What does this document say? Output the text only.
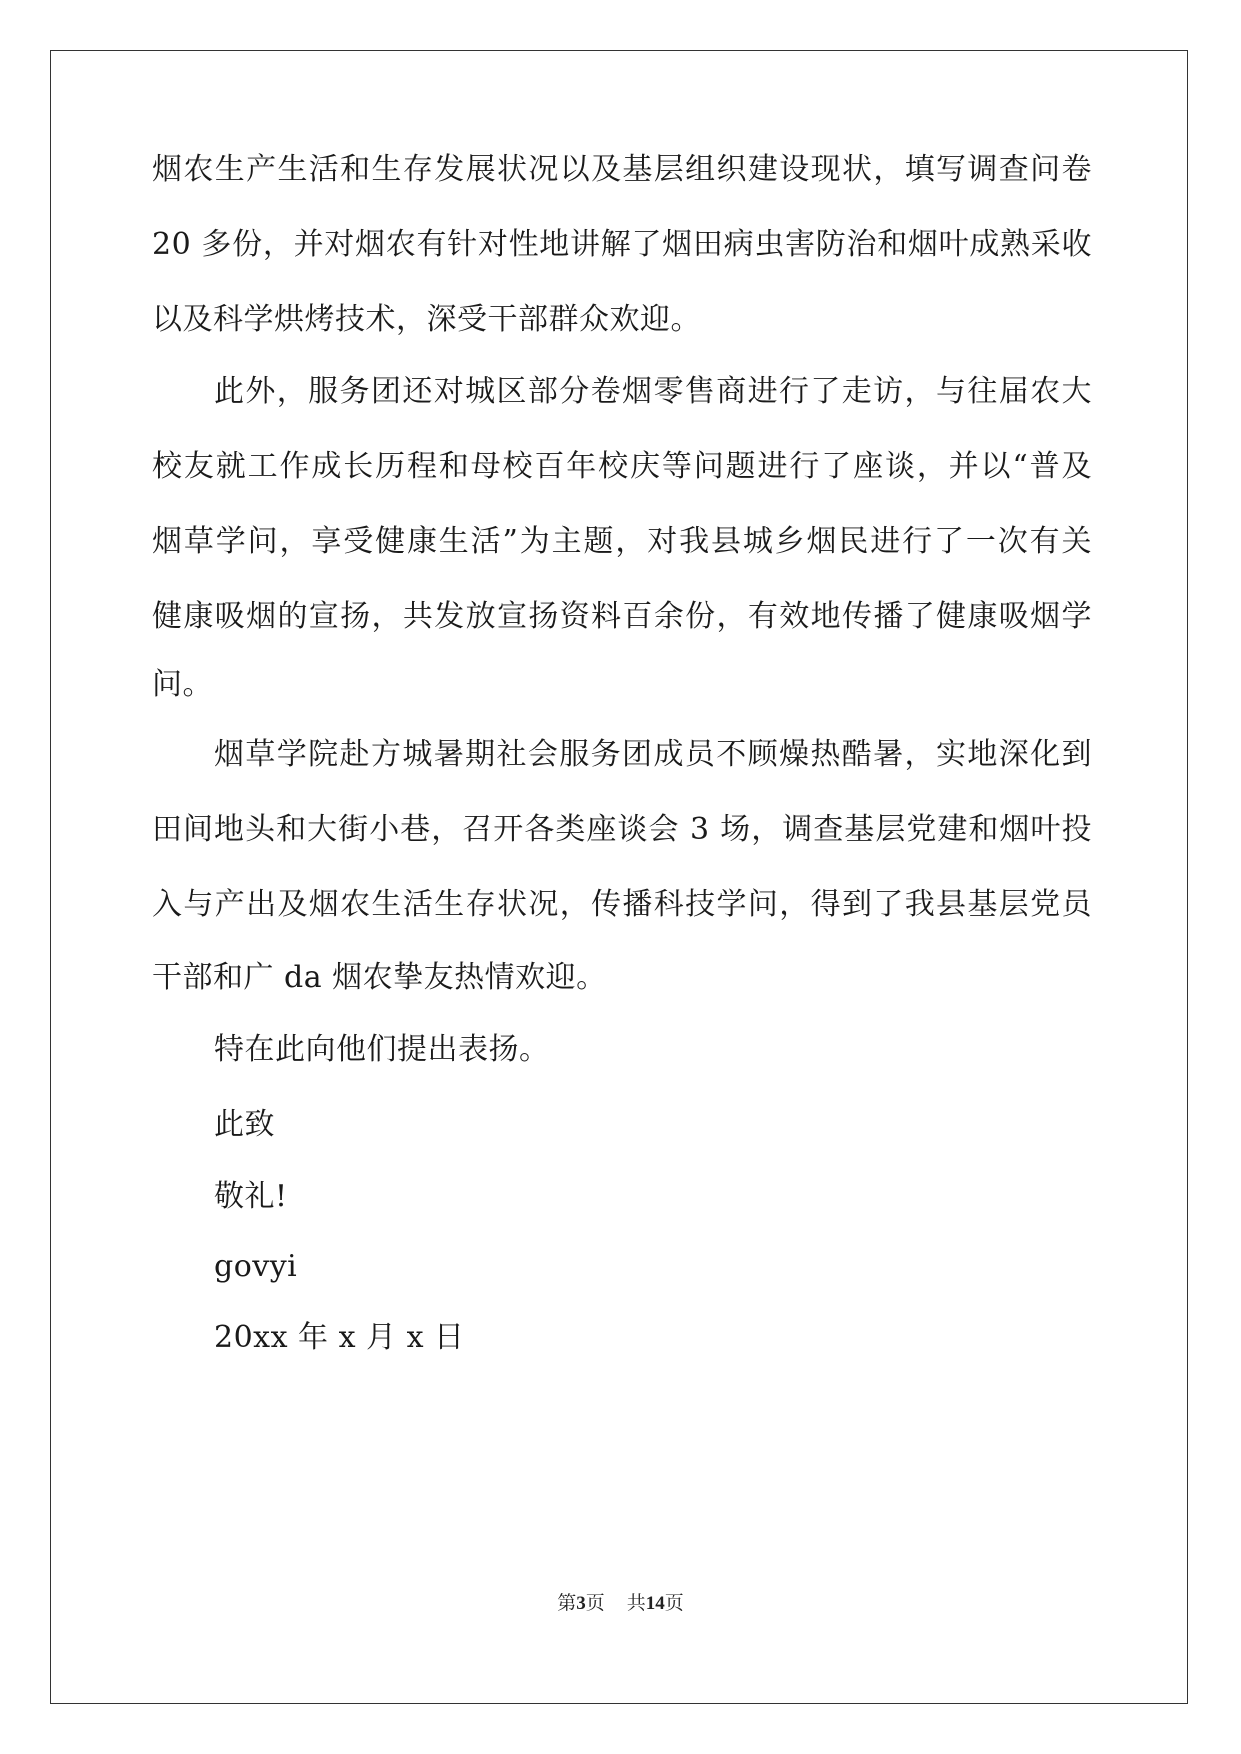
烟农生产生活和生存发展状况以及基层组织建设现状，填写调查问卷
20 多份，并对烟农有针对性地讲解了烟田病虫害防治和烟叶成熟采收
以及科学烘烤技术，深受干部群众欢迎。
此外，服务团还对城区部分卷烟零售商进行了走访，与往届农大
校友就工作成长历程和母校百年校庆等问题进行了座谈，并以“普及
烟草学问，享受健康生活”为主题，对我县城乡烟民进行了一次有关
健康吸烟的宣扬，共发放宣扬资料百余份，有效地传播了健康吸烟学
问。
烟草学院赴方城暑期社会服务团成员不顾燥热酷暑，实地深化到
田间地头和大街小巷，召开各类座谈会 3 场，调查基层党建和烟叶投
入与产出及烟农生活生存状况，传播科技学问，得到了我县基层党员
干部和广 da 烟农挚友热情欢迎。
特在此向他们提出表扬。
此致
敬礼!
govyi
20xx 年 x 月 x 日
第3页 共14页
